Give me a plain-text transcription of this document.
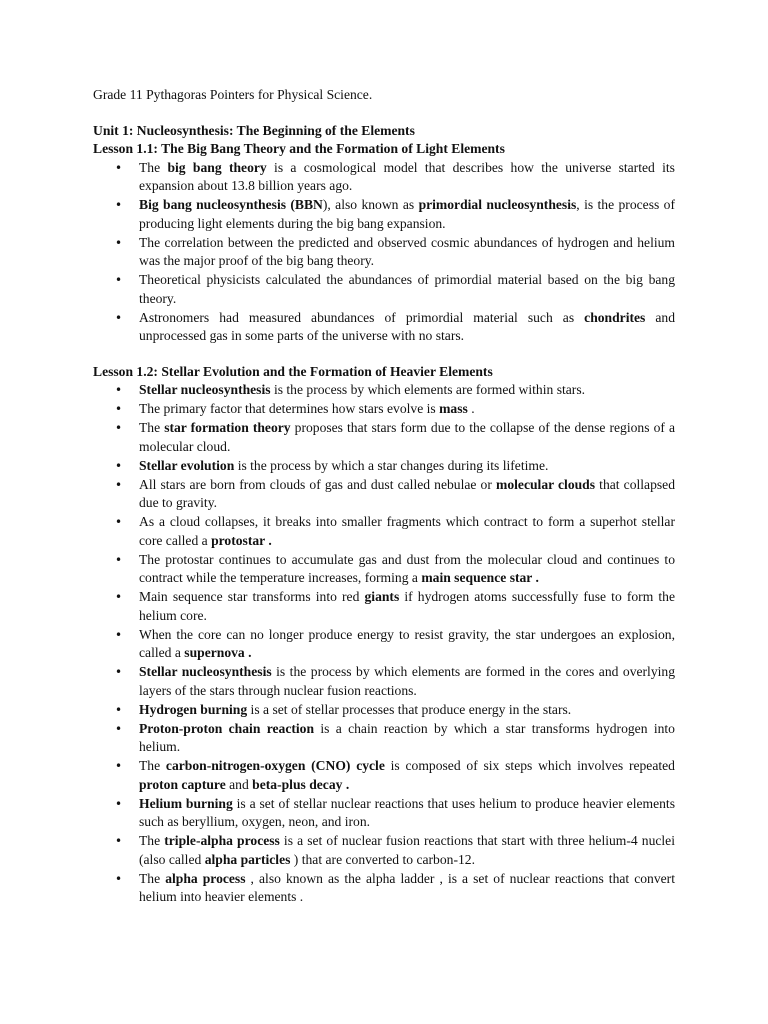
Grade 11 Pythagoras Pointers for Physical Science.

Unit 1: Nucleosynthesis: The Beginning of the Elements

Lesson 1.1: The Big Bang Theory and the Formation of Light Elements

• The big bang theory is a cosmological model that describes how the universe started its expansion about 13.8 billion years ago.
• Big bang nucleosynthesis (BBN), also known as primordial nucleosynthesis, is the process of producing light elements during the big bang expansion.
• The correlation between the predicted and observed cosmic abundances of hydrogen and helium was the major proof of the big bang theory.
• Theoretical physicists calculated the abundances of primordial material based on the big bang theory.
• Astronomers had measured abundances of primordial material such as chondrites and unprocessed gas in some parts of the universe with no stars.

Lesson 1.2: Stellar Evolution and the Formation of Heavier Elements

• Stellar nucleosynthesis is the process by which elements are formed within stars.
• The primary factor that determines how stars evolve is mass .
• The star formation theory proposes that stars form due to the collapse of the dense regions of a molecular cloud.
• Stellar evolution is the process by which a star changes during its lifetime.
• All stars are born from clouds of gas and dust called nebulae or molecular clouds that collapsed due to gravity.
• As a cloud collapses, it breaks into smaller fragments which contract to form a superhot stellar core called a protostar .
• The protostar continues to accumulate gas and dust from the molecular cloud and continues to contract while the temperature increases, forming a main sequence star .
• Main sequence star transforms into red giants if hydrogen atoms successfully fuse to form the helium core.
• When the core can no longer produce energy to resist gravity, the star undergoes an explosion, called a supernova .
• Stellar nucleosynthesis is the process by which elements are formed in the cores and overlying layers of the stars through nuclear fusion reactions.
• Hydrogen burning is a set of stellar processes that produce energy in the stars.
• Proton-proton chain reaction is a chain reaction by which a star transforms hydrogen into helium.
• The carbon-nitrogen-oxygen (CNO) cycle is composed of six steps which involves repeated proton capture and beta-plus decay .
• Helium burning is a set of stellar nuclear reactions that uses helium to produce heavier elements such as beryllium, oxygen, neon, and iron.
• The triple-alpha process is a set of nuclear fusion reactions that start with three helium-4 nuclei (also called alpha particles ) that are converted to carbon-12.
• The alpha process , also known as the alpha ladder , is a set of nuclear reactions that convert helium into heavier elements .
